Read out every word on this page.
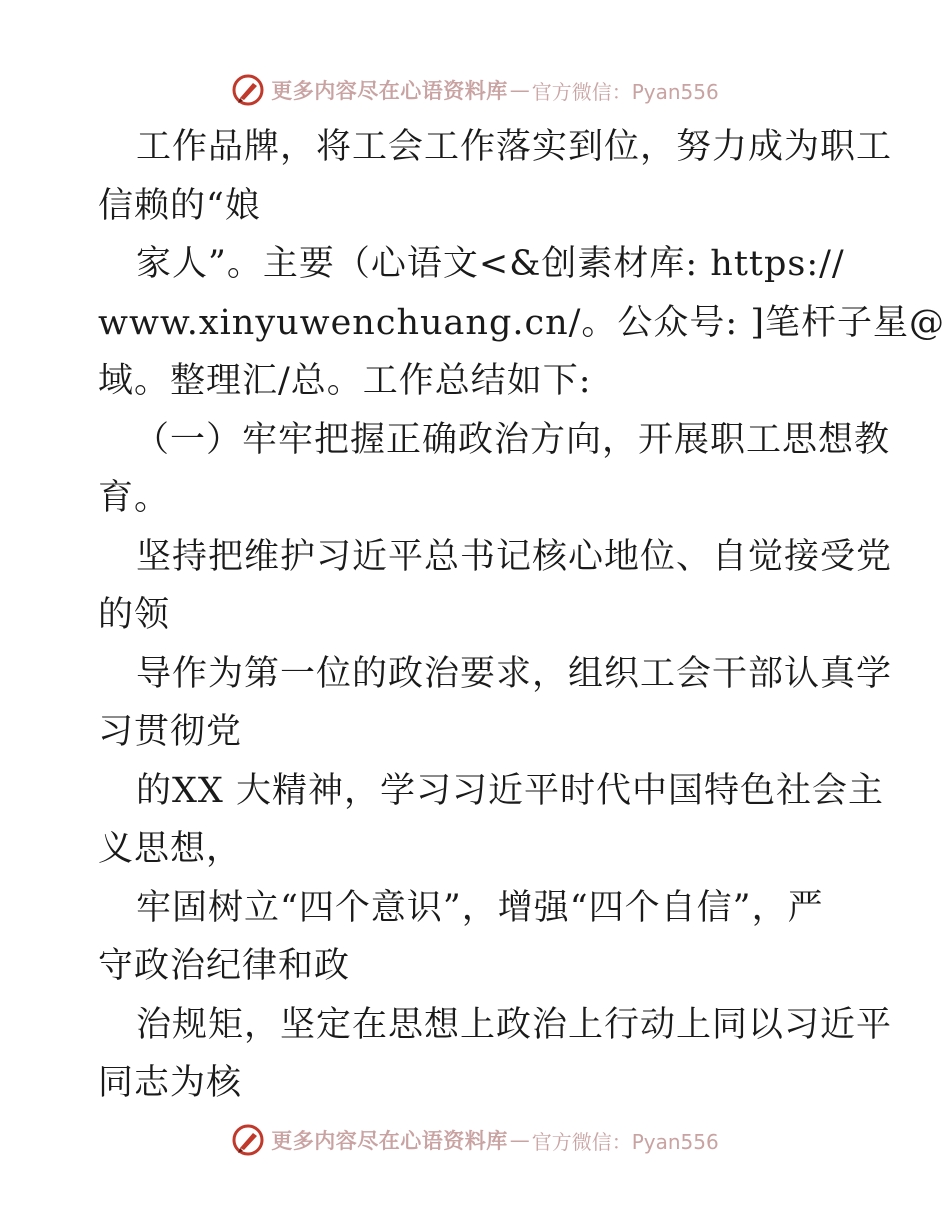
更多内容尽在心语资料库 — 官方微信：Pyan556
工作品牌，将工会工作落实到位，努力成为职工
信赖的“娘
家人”。主要（心语文<&创素材库: https://
www.xinyuwenchuang.cn/。公众号: ]笔杆子星@
域。整理汇/总。工作总结如下:
（一）牢牢把握正确政治方向，开展职工思想教
育。
坚持把维护习近平总书记核心地位、自觉接受党
的领
导作为第一位的政治要求，组织工会干部认真学
习贯彻党
的XX 大精神，学习习近平时代中国特色社会主
义思想，
牢固树立“四个意识”，增强“四个自信”，严
守政治纪律和政
治规矩，坚定在思想上政治上行动上同以习近平
同志为核
更多内容尽在心语资料库 — 官方微信：Pyan556
